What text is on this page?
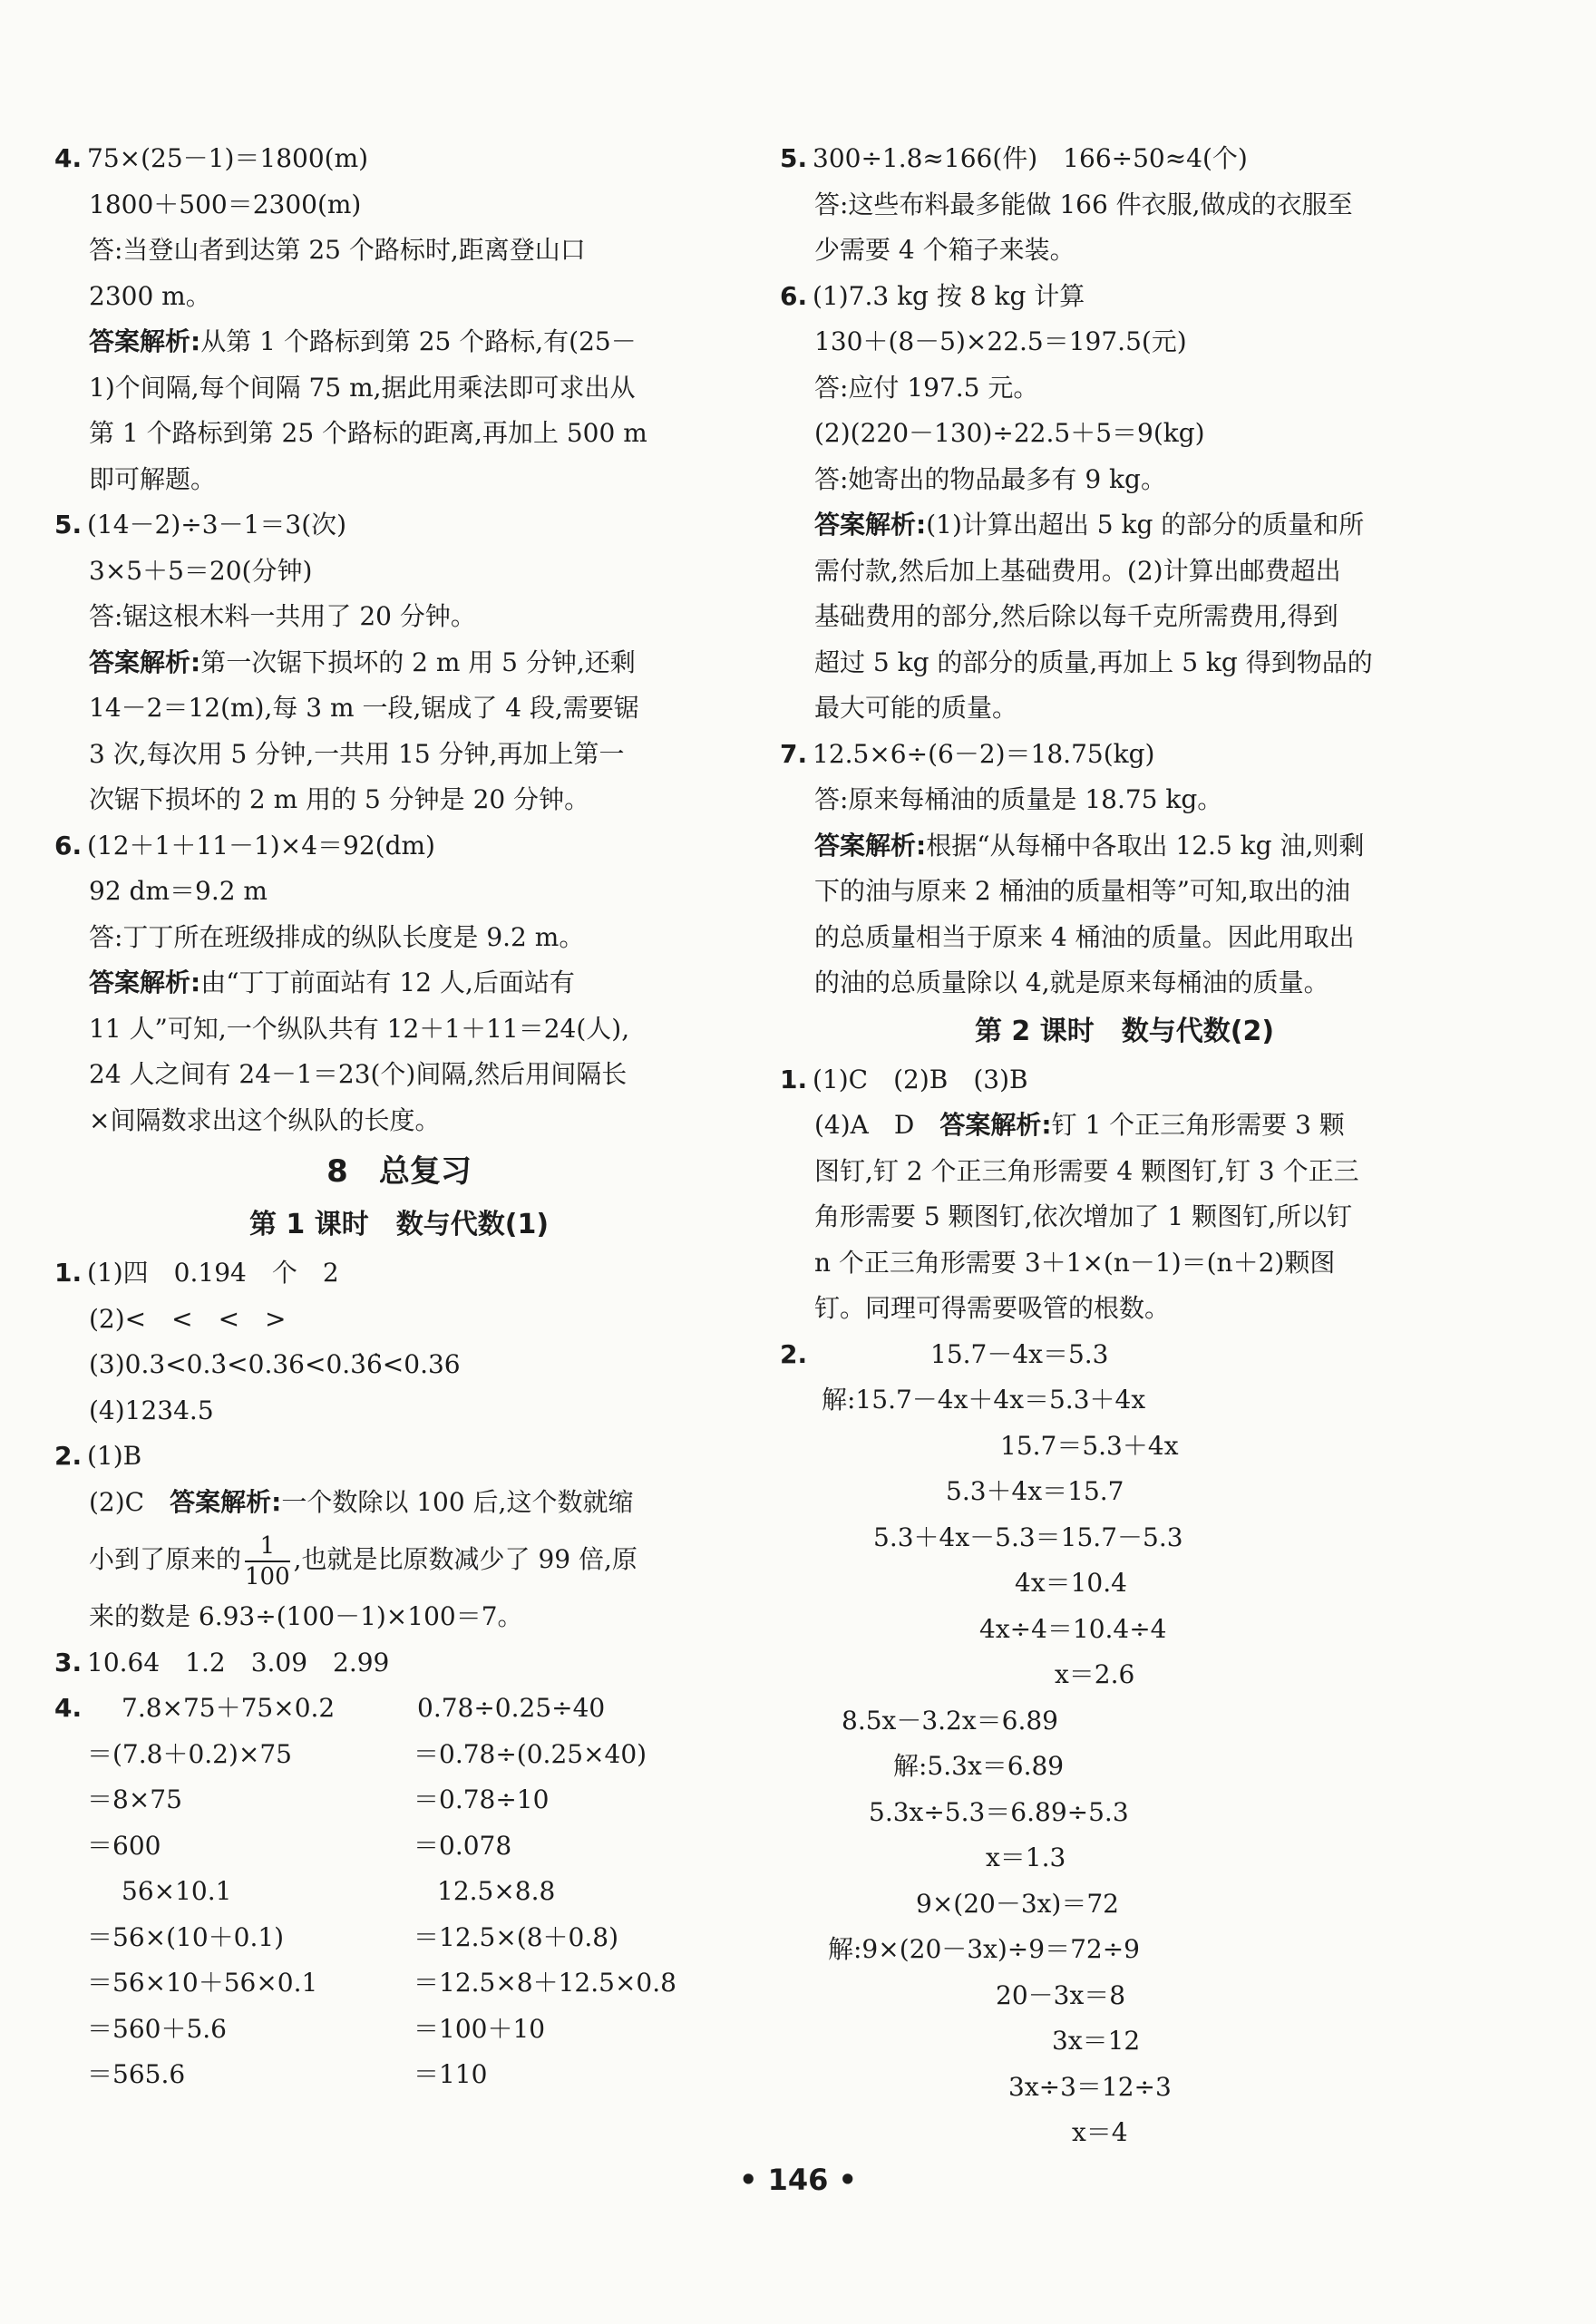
4. 75×(25－1)＝1800(m)
1800＋500＝2300(m)
答:当登山者到达第 25 个路标时,距离登山口
2300 m。
答案解析:从第 1 个路标到第 25 个路标,有(25－
1)个间隔,每个间隔 75 m,据此用乘法即可求出从
第 1 个路标到第 25 个路标的距离,再加上 500 m
即可解题。
5. (14－2)÷3－1＝3(次)
3×5＋5＝20(分钟)
答:锯这根木料一共用了 20 分钟。
答案解析:第一次锯下损坏的 2 m 用 5 分钟,还剩
14－2＝12(m),每 3 m 一段,锯成了 4 段,需要锯
3 次,每次用 5 分钟,一共用 15 分钟,再加上第一
次锯下损坏的 2 m 用的 5 分钟是 20 分钟。
6. (12＋1＋11－1)×4＝92(dm)
92 dm＝9.2 m
答:丁丁所在班级排成的纵队长度是 9.2 m。
答案解析:由“丁丁前面站有 12 人,后面站有
11 人”可知,一个纵队共有 12＋1＋11＝24(人),
24 人之间有 24－1＝23(个)间隔,然后用间隔长
×间隔数求出这个纵队的长度。
8　总复习
第 1 课时　数与代数(1)
1. (1)四　0.194　个　2
(2)<　<　<　>
(3)0.3<0.3̇<0.36<0.3̇6̇<0.36
(4)1234.5
2. (1)B
(2)C　 答案解析:一个数除以 100 后,这个数就缩
小到了原来的 $\frac{1}{100}$ ,也就是比原数减少了 99 倍,原
来的数是 6.93÷(100－1)×100＝7。
3. 10.64　1.2　3.09　2.99
4. 7.8×75＋75×0.2	0.78÷0.25÷40
＝(7.8＋0.2)×75	＝0.78÷(0.25×40)
＝8×75	＝0.78÷10
＝600	＝0.078
56×10.1	12.5×8.8
＝56×(10＋0.1)	＝12.5×(8＋0.8)
＝56×10＋56×0.1	＝12.5×8＋12.5×0.8
＝560＋5.6	＝100＋10
＝565.6	＝110
5. 300÷1.8≈166(件)　166÷50≈4(个)
答:这些布料最多能做 166 件衣服,做成的衣服至
少需要 4 个箱子来装。
6. (1)7.3 kg 按 8 kg 计算
130＋(8－5)×22.5＝197.5(元)
答:应付 197.5 元。
(2)(220－130)÷22.5＋5＝9(kg)
答:她寄出的物品最多有 9 kg。
答案解析:(1)计算出超出 5 kg 的部分的质量和所
需付款,然后加上基础费用。(2)计算出邮费超出
基础费用的部分,然后除以每千克所需费用,得到
超过 5 kg 的部分的质量,再加上 5 kg 得到物品的
最大可能的质量。
7. 12.5×6÷(6－2)＝18.75(kg)
答:原来每桶油的质量是 18.75 kg。
答案解析:根据“从每桶中各取出 12.5 kg 油,则剩
下的油与原来 2 桶油的质量相等”可知,取出的油
的总质量相当于原来 4 桶油的质量。因此用取出
的油的总质量除以 4,就是原来每桶油的质量。
第 2 课时　数与代数(2)
1. (1)C　(2)B　(3)B
(4)A　D　答案解析:钉 1 个正三角形需要 3 颗
图钉,钉 2 个正三角形需要 4 颗图钉,钉 3 个正三
角形需要 5 颗图钉,依次增加了 1 颗图钉,所以钉
n 个正三角形需要 3＋1×(n－1)＝(n＋2)颗图
钉。同理可得需要吸管的根数。
2.	15.7－4x＝5.3
解:15.7－4x＋4x＝5.3＋4x
15.7＝5.3＋4x
5.3＋4x＝15.7
5.3＋4x－5.3＝15.7－5.3
4x＝10.4
4x÷4＝10.4÷4
x＝2.6
8.5x－3.2x＝6.89
解:5.3x＝6.89
5.3x÷5.3＝6.89÷5.3
x＝1.3
9×(20－3x)＝72
解:9×(20－3x)÷9＝72÷9
20－3x＝8
3x＝12
3x÷3＝12÷3
x＝4
• 146 •
